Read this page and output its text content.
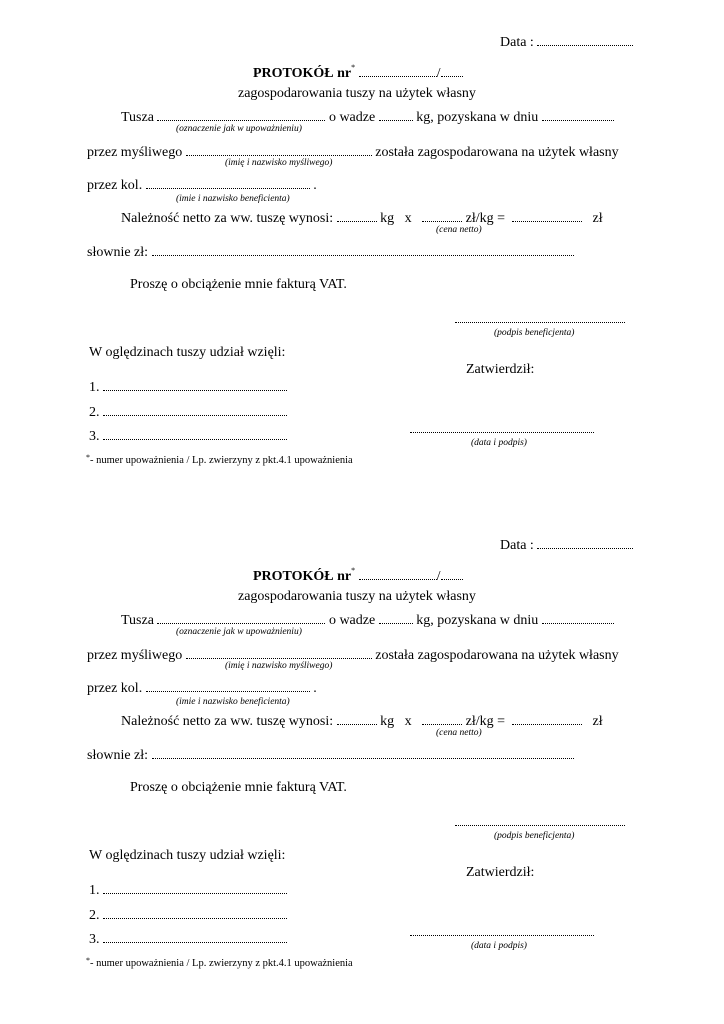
Data :
PROTOKÓŁ nr*	/
zagospodarowania tuszy na użytek własny
Tusza	o wadze	kg, pozyskana w dniu
(oznaczenie jak w upoważnieniu)
przez myśliwego	została zagospodarowana na użytek własny
(imię i nazwisko myśliwego)
przez kol.	.
(imie i nazwisko beneficienta)
Należność netto za ww. tuszę wynosi:	kg x	zł/kg =	zł
(cena netto)
słownie zł:
Proszę o obciążenie mnie fakturą VAT.
(podpis beneficjenta)
W oględzinach tuszy udział wzięli:
Zatwierdził:
1.
2.
3.	(data i podpis)
*- numer upoważnienia / Lp. zwierzyny z pkt.4.1 upoważnienia
Data :
PROTOKÓŁ nr*	/
zagospodarowania tuszy na użytek własny
Tusza	o wadze	kg, pozyskana w dniu
(oznaczenie jak w upoważnieniu)
przez myśliwego	została zagospodarowana na użytek własny
(imię i nazwisko myśliwego)
przez kol.	.
(imie i nazwisko beneficienta)
Należność netto za ww. tuszę wynosi:	kg x	zł/kg =	zł
(cena netto)
słownie zł:
Proszę o obciążenie mnie fakturą VAT.
(podpis beneficjenta)
W oględzinach tuszy udział wzięli:
Zatwierdził:
1.
2.
3.	(data i podpis)
*- numer upoważnienia / Lp. zwierzyny z pkt.4.1 upoważnienia
